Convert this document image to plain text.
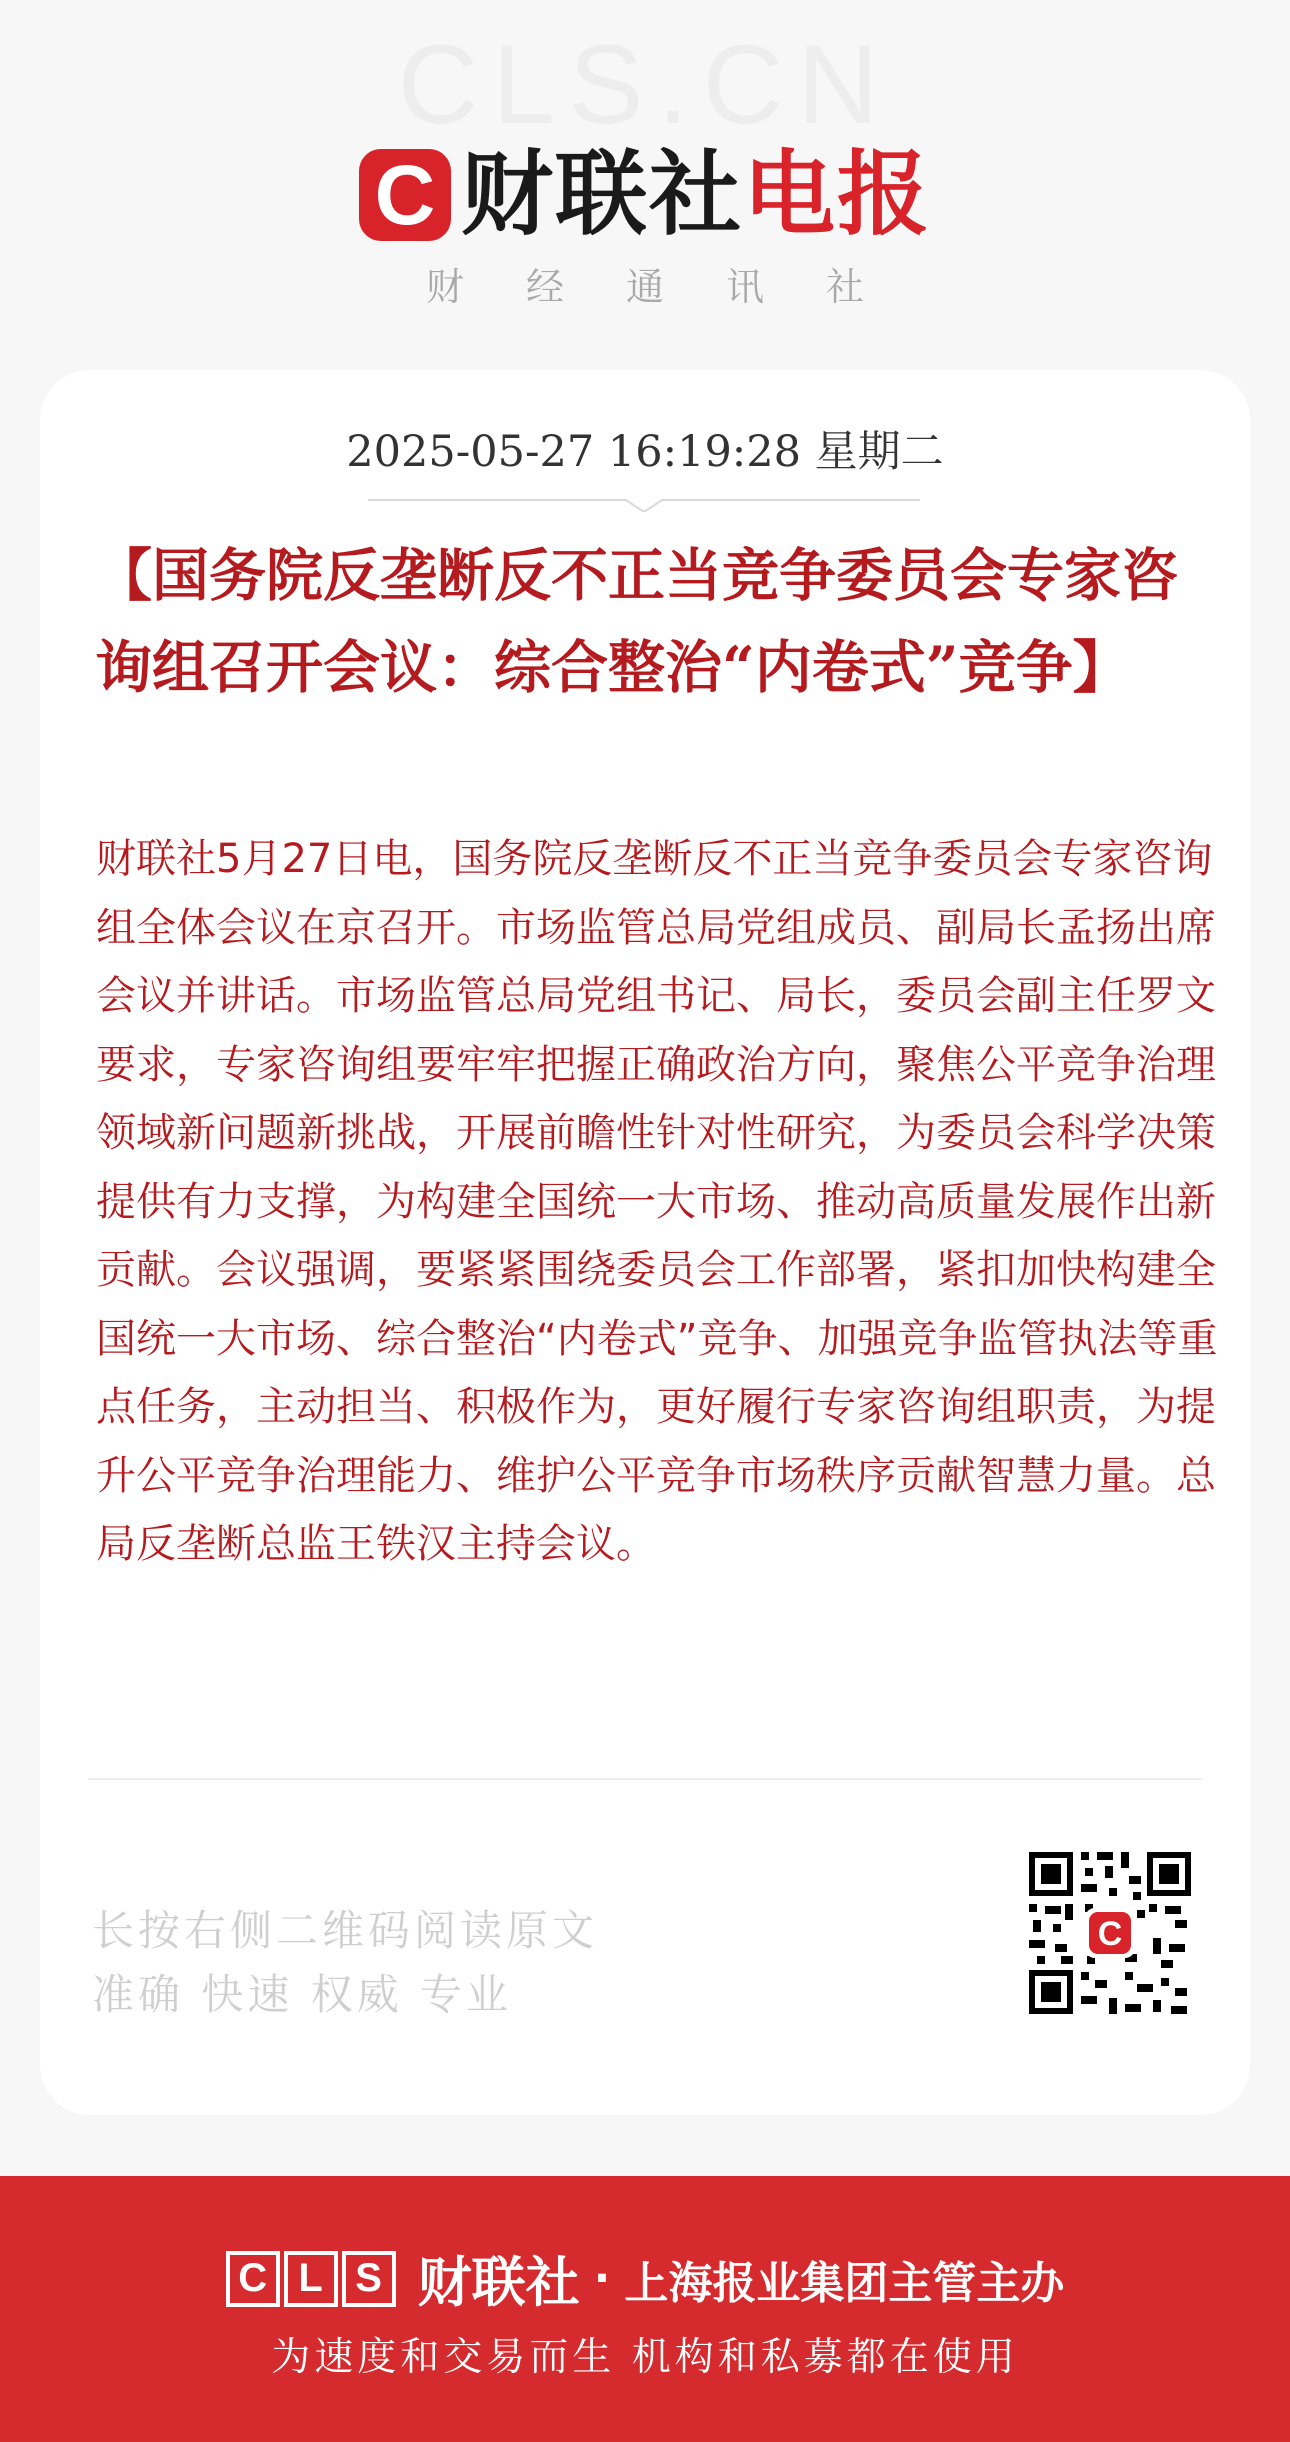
CLS.CN
C 财联社 电报
财经通讯社
2025-05-27 16:19:28 星期二
【国务院反垄断反不正当竞争委员会专家咨询组召开会议：综合整治“内卷式”竞争】
财联社5月27日电，国务院反垄断反不正当竞争委员会专家咨询组全体会议在京召开。市场监管总局党组成员、副局长孟扬出席会议并讲话。市场监管总局党组书记、局长，委员会副主任罗文要求，专家咨询组要牢牢把握正确政治方向，聚焦公平竞争治理领域新问题新挑战，开展前瞻性针对性研究，为委员会科学决策提供有力支撑，为构建全国统一大市场、推动高质量发展作出新贡献。会议强调，要紧紧围绕委员会工作部署，紧扣加快构建全国统一大市场、综合整治“内卷式”竞争、加强竞争监管执法等重点任务，主动担当、积极作为，更好履行专家咨询组职责，为提升公平竞争治理能力、维护公平竞争市场秩序贡献智慧力量。总局反垄断总监王铁汉主持会议。
长按右侧二维码阅读原文
准确 快速 权威 专业
C
C L S 财联社 · 上海报业集团主管主办
为速度和交易而生 机构和私募都在使用
